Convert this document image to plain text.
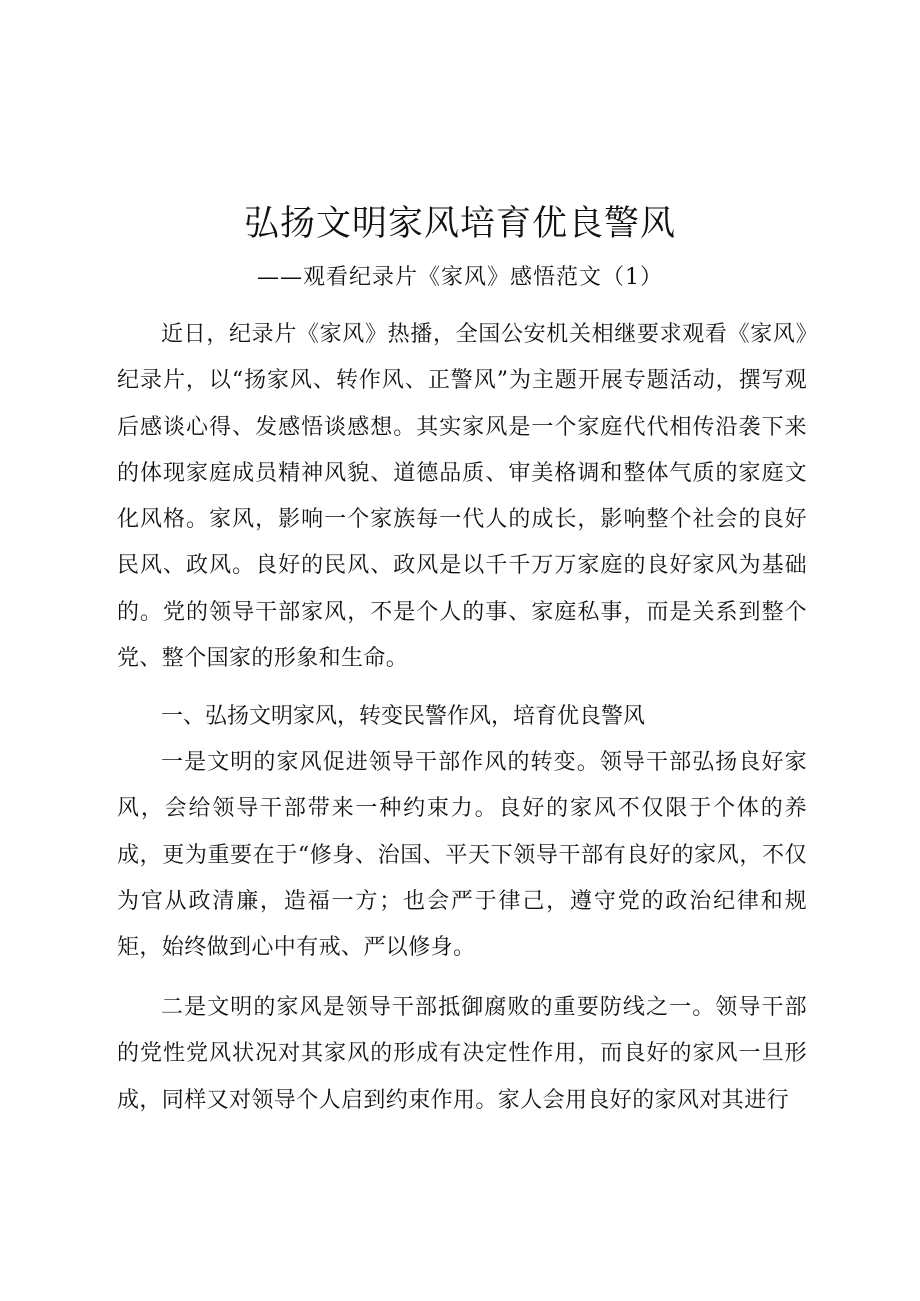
弘扬文明家风培育优良警风

——观看纪录片《家风》感悟范文（1）

近日，纪录片《家风》热播，全国公安机关相继要求观看《家风》纪录片，以“扬家风、转作风、正警风”为主题开展专题活动，撰写观后感谈心得、发感悟谈感想。其实家风是一个家庭代代相传沿袭下来的体现家庭成员精神风貌、道德品质、审美格调和整体气质的家庭文化风格。家风，影响一个家族每一代人的成长，影响整个社会的良好民风、政风。良好的民风、政风是以千千万万家庭的良好家风为基础的。党的领导干部家风，不是个人的事、家庭私事，而是关系到整个党、整个国家的形象和生命。

一、弘扬文明家风，转变民警作风，培育优良警风

一是文明的家风促进领导干部作风的转变。领导干部弘扬良好家风，会给领导干部带来一种约束力。良好的家风不仅限于个体的养成，更为重要在于“修身、治国、平天下领导干部有良好的家风，不仅为官从政清廉，造福一方；也会严于律己，遵守党的政治纪律和规矩，始终做到心中有戒、严以修身。

二是文明的家风是领导干部抵御腐败的重要防线之一。领导干部的党性党风状况对其家风的形成有决定性作用，而良好的家风一旦形成，同样又对领导个人启到约束作用。家人会用良好的家风对其进行
